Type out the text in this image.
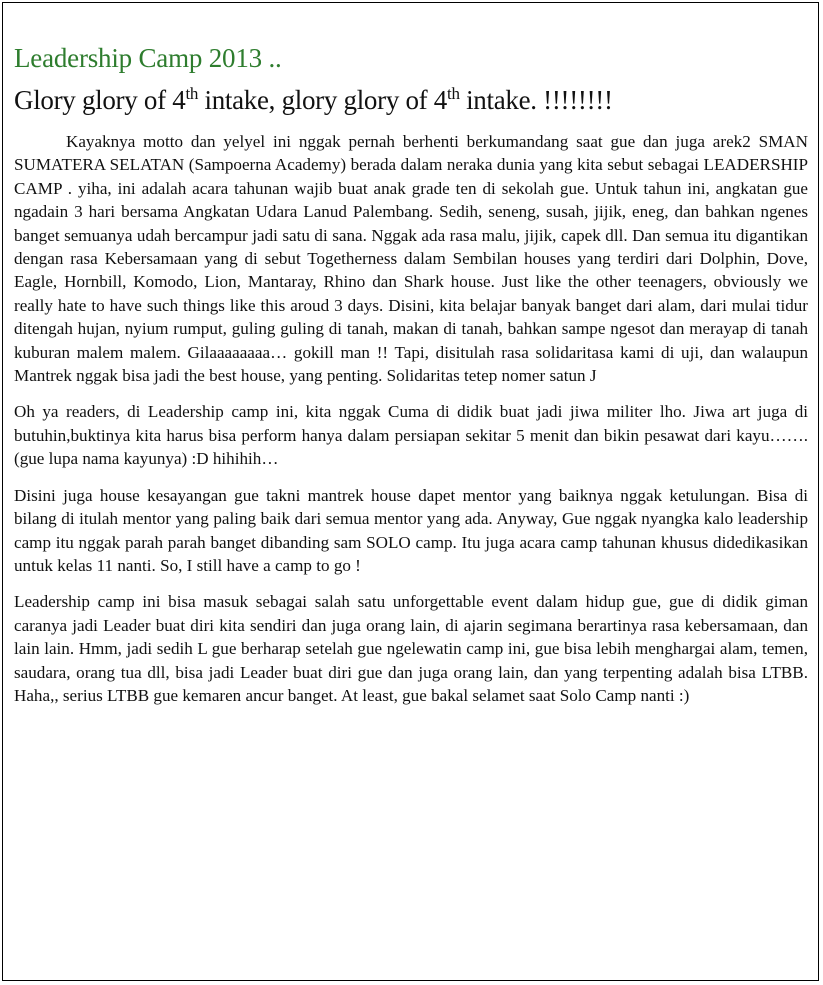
Leadership Camp 2013 ..
Glory glory of 4th intake, glory glory of 4th intake. !!!!!!!!

Kayaknya motto dan yelyel ini nggak pernah berhenti berkumandang saat gue dan juga arek2 SMAN SUMATERA SELATAN (Sampoerna Academy) berada dalam neraka dunia yang kita sebut sebagai LEADERSHIP CAMP . yiha, ini adalah acara tahunan wajib buat anak grade ten di sekolah gue. Untuk tahun ini, angkatan gue ngadain 3 hari bersama Angkatan Udara Lanud Palembang. Sedih, seneng, susah, jijik, eneg, dan bahkan ngenes banget semuanya udah bercampur jadi satu di sana. Nggak ada rasa malu, jijik, capek dll. Dan semua itu digantikan dengan rasa Kebersamaan yang di sebut Togetherness dalam Sembilan houses yang terdiri dari Dolphin, Dove, Eagle, Hornbill, Komodo, Lion, Mantaray, Rhino dan Shark house. Just like the other teenagers, obviously we really hate to have such things like this aroud 3 days. Disini, kita belajar banyak banget dari alam, dari mulai tidur ditengah hujan, nyium rumput, guling guling di tanah, makan di tanah, bahkan sampe ngesot dan merayap di tanah kuburan malem malem. Gilaaaaaaaa… gokill man !! Tapi, disitulah rasa solidaritasa kami di uji, dan walaupun Mantrek nggak bisa jadi the best house, yang penting. Solidaritas tetep nomer satun J

Oh ya readers, di Leadership camp ini, kita nggak Cuma di didik buat jadi jiwa militer lho. Jiwa art juga di butuhin,buktinya kita harus bisa perform hanya dalam persiapan sekitar 5 menit dan bikin pesawat dari kayu…….(gue lupa nama kayunya) :D hihihih…

Disini juga house kesayangan gue takni mantrek house dapet mentor yang baiknya nggak ketulungan. Bisa di bilang di itulah mentor yang paling baik dari semua mentor yang ada. Anyway, Gue nggak nyangka kalo leadership camp itu nggak parah parah banget dibanding sam SOLO camp. Itu juga acara camp tahunan khusus didedikasikan untuk kelas 11 nanti. So, I still have a camp to go !

Leadership camp ini bisa masuk sebagai salah satu unforgettable event dalam hidup gue, gue di didik giman caranya jadi Leader buat diri kita sendiri dan juga orang lain, di ajarin segimana berartinya rasa kebersamaan, dan lain lain. Hmm, jadi sedih L gue berharap setelah gue ngelewatin camp ini, gue bisa lebih menghargai alam, temen, saudara, orang tua dll, bisa jadi Leader buat diri gue dan juga orang lain, dan yang terpenting adalah bisa LTBB. Haha,, serius LTBB gue kemaren ancur banget. At least, gue bakal selamet saat Solo Camp nanti :)
